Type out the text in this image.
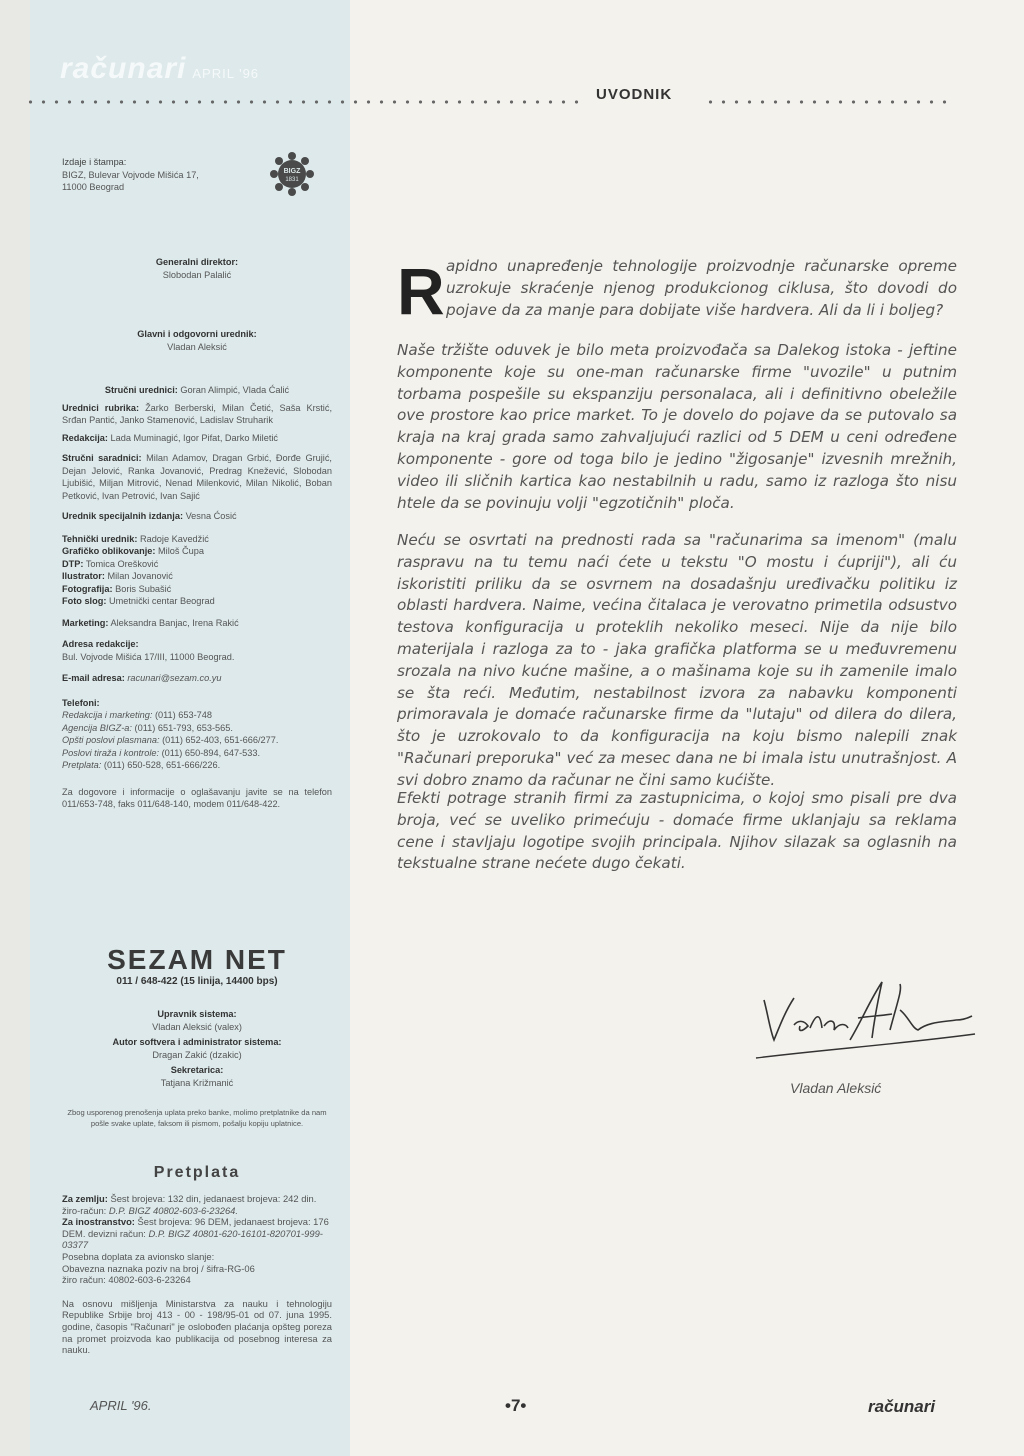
računari APRIL '96
UVODNIK
Izdaje i štampa:
BIGZ, Bulevar Vojvode Mišića 17,
11000 Beograd
BIGZ
1831
Generalni direktor:
Slobodan Palalić
Glavni i odgovorni urednik:
Vladan Aleksić
Stručni urednici: Goran Alimpić, Vlada Ćalić
Urednici rubrika: Žarko Berberski, Milan Četić, Saša Krstić, Srđan Pantić, Janko Stamenović, Ladislav Struharik
Redakcija: Lada Muminagić, Igor Pifat, Darko Miletić
Stručni saradnici: Milan Adamov, Dragan Grbić, Đorđe Grujić, Dejan Jelović, Ranka Jovanović, Predrag Knežević, Slobodan Ljubišić, Miljan Mitrović, Nenad Milenković, Milan Nikolić, Boban Petković, Ivan Petrović, Ivan Sajić
Urednik specijalnih izdanja: Vesna Ćosić
Tehnički urednik: Radoje Kavedžić
Grafičko oblikovanje: Miloš Čupa
DTP: Tomica Orešković
Ilustrator: Milan Jovanović
Fotografija: Boris Subašić
Foto slog: Umetnički centar Beograd
Marketing: Aleksandra Banjac, Irena Rakić
Adresa redakcije:
Bul. Vojvode Mišića 17/III, 11000 Beograd.
E-mail adresa: racunari@sezam.co.yu
Telefoni:
Redakcija i marketing: (011) 653-748
Agencija BIGZ-a: (011) 651-793, 653-565.
Opšti poslovi plasmana: (011) 652-403, 651-666/277.
Poslovi tiraža i kontrole: (011) 650-894, 647-533.
Pretplata: (011) 650-528, 651-666/226.
Za dogovore i informacije o oglašavanju javite se na telefon 011/653-748, faks 011/648-140, modem 011/648-422.
SEZAM NET
011 / 648-422 (15 linija, 14400 bps)
Upravnik sistema:
Vladan Aleksić (valex)
Autor softvera i administrator sistema:
Dragan Zakić (dzakic)
Sekretarica:
Tatjana Križmanić
Zbog usporenog prenošenja uplata preko banke, molimo pretplatnike da nam pošle svake uplate, faksom ili pismom, pošalju kopiju uplatnice.
Pretplata
Za zemlju: Šest brojeva: 132 din, jedanaest brojeva: 242 din. žiro-račun: D.P. BIGZ 40802-603-6-23264.
Za inostranstvo: Šest brojeva: 96 DEM, jedanaest brojeva: 176 DEM. devizni račun: D.P. BIGZ 40801-620-16101-820701-999-03377
Posebna doplata za avionsko slanje:
Obavezna naznaka poziv na broj / šifra-RG-06
žiro račun: 40802-603-6-23264
Na osnovu mišljenja Ministarstva za nauku i tehnologiju Republike Srbije broj 413 - 00 - 198/95-01 od 07. juna 1995. godine, časopis "Računari" je oslobođen plaćanja opšteg poreza na promet proizvoda kao publikacija od posebnog interesa za nauku.
R apidno unapređenje tehnologije proizvodnje računarske opreme uzrokuje skraćenje njenog produkcionog ciklusa, što dovodi do pojave da za manje para dobijate više hardvera. Ali da li i boljeg?
Naše tržište oduvek je bilo meta proizvođača sa Dalekog istoka - jeftine komponente koje su one-man računarske firme "uvozile" u putnim torbama pospešile su ekspanziju personalaca, ali i definitivno obeležile ove prostore kao price market. To je dovelo do pojave da se putovalo sa kraja na kraj grada samo zahvaljujući razlici od 5 DEM u ceni određene komponente - gore od toga bilo je jedino "žigosanje" izvesnih mrežnih, video ili sličnih kartica kao nestabilnih u radu, samo iz razloga što nisu htele da se povinuju volji "egzotičnih" ploča.
Neću se osvrtati na prednosti rada sa "računarima sa imenom" (malu raspravu na tu temu naći ćete u tekstu "O mostu i ćupriji"), ali ću iskoristiti priliku da se osvrnem na dosadašnju uređivačku politiku iz oblasti hardvera. Naime, većina čitalaca je verovatno primetila odsustvo testova konfiguracija u proteklih nekoliko meseci. Nije da nije bilo materijala i razloga za to - jaka grafička platforma se u međuvremenu srozala na nivo kućne mašine, a o mašinama koje su ih zamenile imalo se šta reći. Međutim, nestabilnost izvora za nabavku komponenti primoravala je domaće računarske firme da "lutaju" od dilera do dilera, što je uzrokovalo to da konfiguracija na koju bismo nalepili znak "Računari preporuka" već za mesec dana ne bi imala istu unutrašnjost. A svi dobro znamo da računar ne čini samo kućište.
Efekti potrage stranih firmi za zastupnicima, o kojoj smo pisali pre dva broja, već se uveliko primećuju - domaće firme uklanjaju sa reklama cene i stavljaju logotipe svojih principala. Njihov silazak sa oglasnih na tekstualne strane nećete dugo čekati.
Vladan Aleksić
APRIL '96.	•7•	računari
